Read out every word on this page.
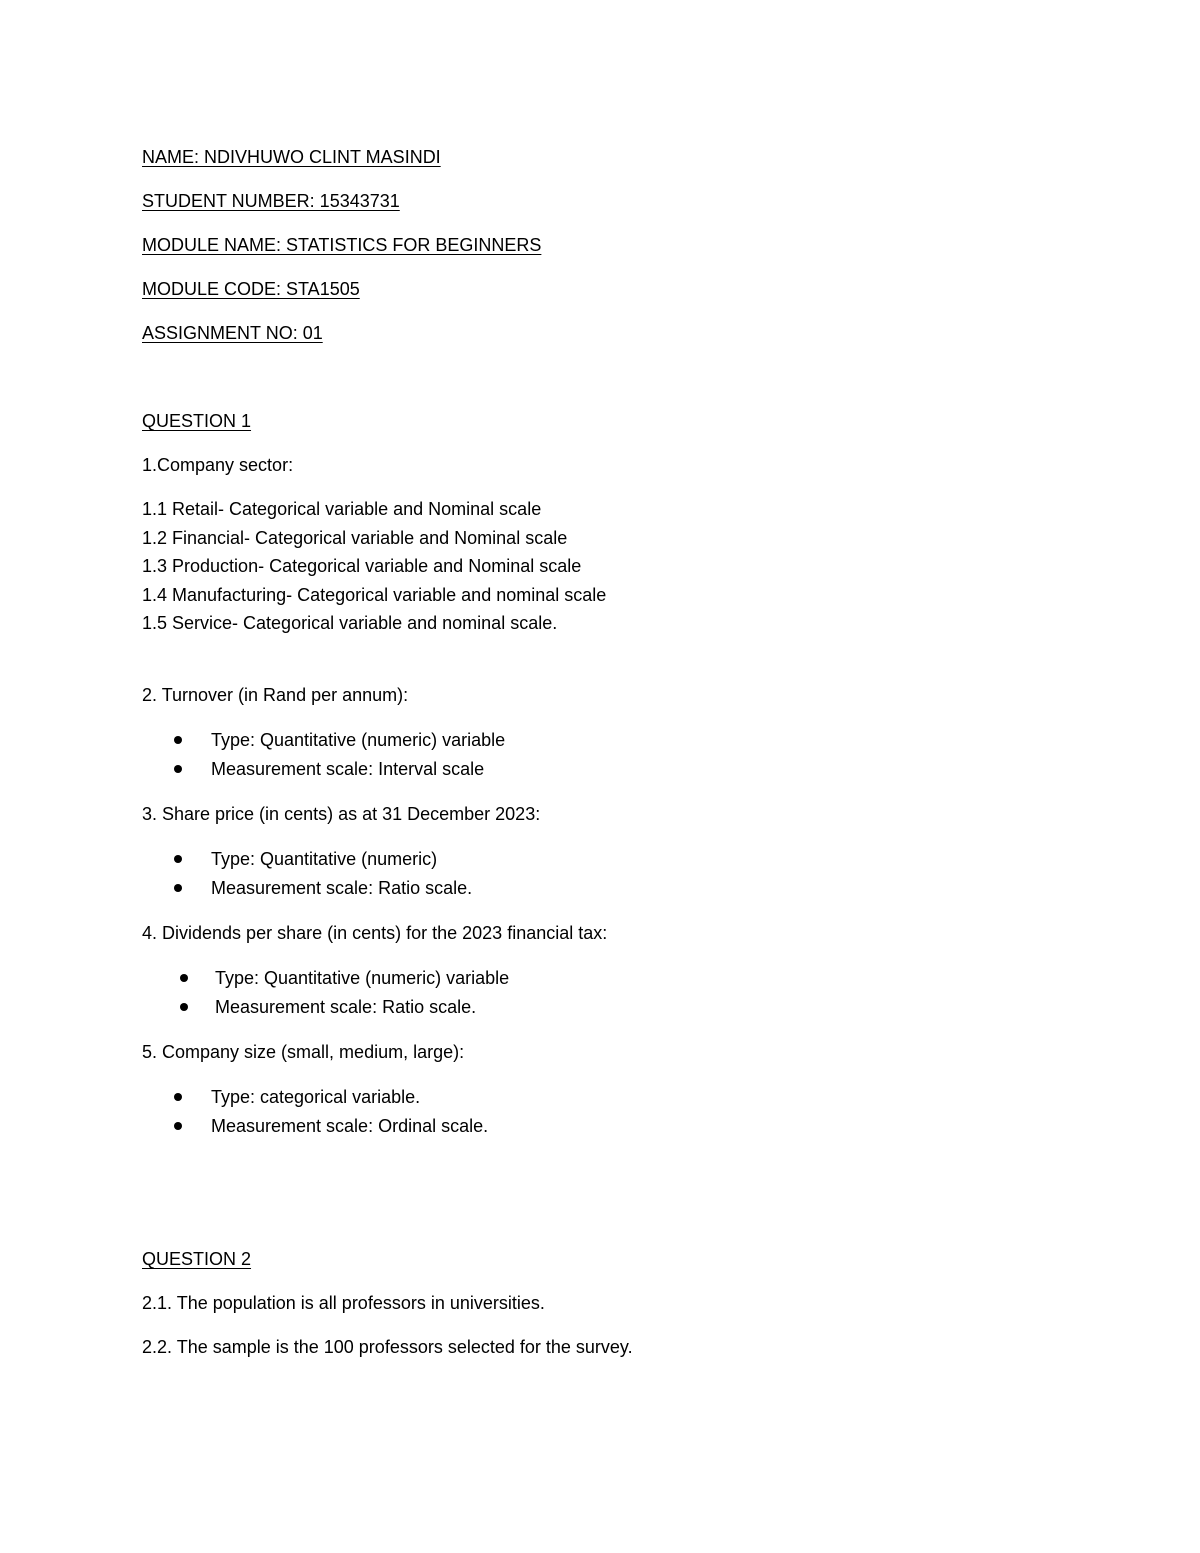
NAME: NDIVHUWO CLINT MASINDI
STUDENT NUMBER: 15343731
MODULE NAME: STATISTICS FOR BEGINNERS
MODULE CODE: STA1505
ASSIGNMENT NO: 01
QUESTION 1
1.Company sector:
1.1 Retail- Categorical variable and Nominal scale
1.2 Financial- Categorical variable and Nominal scale
1.3 Production- Categorical variable and Nominal scale
1.4 Manufacturing- Categorical variable and nominal scale
1.5 Service- Categorical variable and nominal scale.
2. Turnover (in Rand per annum):
Type: Quantitative (numeric) variable
Measurement scale: Interval scale
3. Share price (in cents) as at 31 December 2023:
Type: Quantitative (numeric)
Measurement scale: Ratio scale.
4. Dividends per share (in cents) for the 2023 financial tax:
Type: Quantitative (numeric) variable
Measurement scale: Ratio scale.
5. Company size (small, medium, large):
Type: categorical variable.
Measurement scale: Ordinal scale.
QUESTION 2
2.1. The population is all professors in universities.
2.2. The sample is the 100 professors selected for the survey.
